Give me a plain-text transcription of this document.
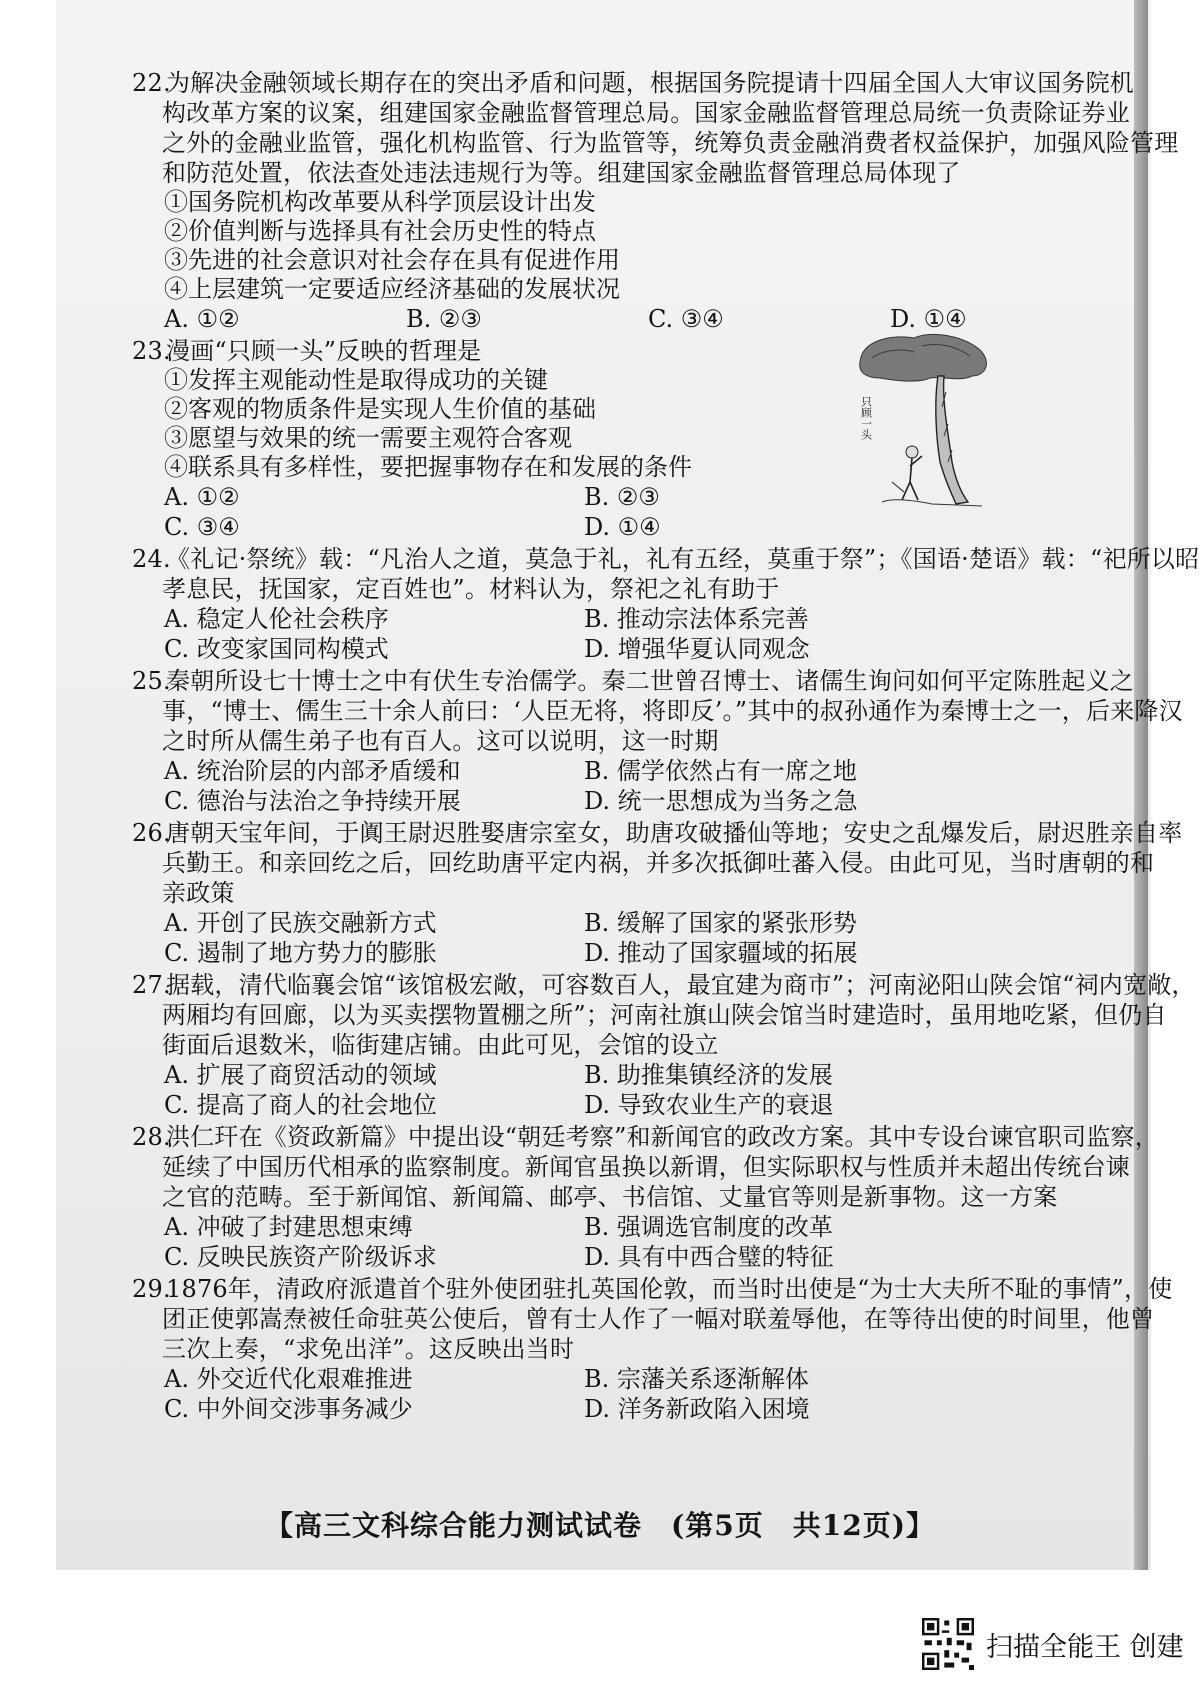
22.为解决金融领域长期存在的突出矛盾和问题，根据国务院提请十四届全国人大审议国务院机
构改革方案的议案，组建国家金融监督管理总局。国家金融监督管理总局统一负责除证券业
之外的金融业监管，强化机构监管、行为监管等，统筹负责金融消费者权益保护，加强风险管理
和防范处置，依法查处违法违规行为等。组建国家金融监督管理总局体现了
①国务院机构改革要从科学顶层设计出发
②价值判断与选择具有社会历史性的特点
③先进的社会意识对社会存在具有促进作用
④上层建筑一定要适应经济基础的发展状况
A. ①②	B. ②③	C. ③④	D. ①④
23.漫画“只顾一头”反映的哲理是
①发挥主观能动性是取得成功的关键
②客观的物质条件是实现人生价值的基础
③愿望与效果的统一需要主观符合客观
④联系具有多样性，要把握事物存在和发展的条件
A. ①②	B. ②③
C. ③④	D. ①④
只顾一头
24.《礼记·祭统》载：“凡治人之道，莫急于礼，礼有五经，莫重于祭”；《国语·楚语》载：“祀所以昭
孝息民，抚国家，定百姓也”。材料认为，祭祀之礼有助于
A. 稳定人伦社会秩序	B. 推动宗法体系完善
C. 改变家国同构模式	D. 增强华夏认同观念
25.秦朝所设七十博士之中有伏生专治儒学。秦二世曾召博士、诸儒生询问如何平定陈胜起义之
事，“博士、儒生三十余人前曰：‘人臣无将，将即反’。”其中的叔孙通作为秦博士之一，后来降汉
之时所从儒生弟子也有百人。这可以说明，这一时期
A. 统治阶层的内部矛盾缓和	B. 儒学依然占有一席之地
C. 德治与法治之争持续开展	D. 统一思想成为当务之急
26.唐朝天宝年间，于阗王尉迟胜娶唐宗室女，助唐攻破播仙等地；安史之乱爆发后，尉迟胜亲自率
兵勤王。和亲回纥之后，回纥助唐平定内祸，并多次抵御吐蕃入侵。由此可见，当时唐朝的和
亲政策
A. 开创了民族交融新方式	B. 缓解了国家的紧张形势
C. 遏制了地方势力的膨胀	D. 推动了国家疆域的拓展
27.据载，清代临襄会馆“该馆极宏敞，可容数百人，最宜建为商市”；河南泌阳山陕会馆“祠内宽敞，
两厢均有回廊，以为买卖摆物置棚之所”；河南社旗山陕会馆当时建造时，虽用地吃紧，但仍自
街面后退数米，临街建店铺。由此可见，会馆的设立
A. 扩展了商贸活动的领域	B. 助推集镇经济的发展
C. 提高了商人的社会地位	D. 导致农业生产的衰退
28.洪仁玕在《资政新篇》中提出设“朝廷考察”和新闻官的政改方案。其中专设台谏官职司监察，
延续了中国历代相承的监察制度。新闻官虽换以新谓，但实际职权与性质并未超出传统台谏
之官的范畴。至于新闻馆、新闻篇、邮亭、书信馆、丈量官等则是新事物。这一方案
A. 冲破了封建思想束缚	B. 强调选官制度的改革
C. 反映民族资产阶级诉求	D. 具有中西合璧的特征
29.1876年，清政府派遣首个驻外使团驻扎英国伦敦，而当时出使是“为士大夫所不耻的事情”，使
团正使郭嵩焘被任命驻英公使后，曾有士人作了一幅对联羞辱他，在等待出使的时间里，他曾
三次上奏，“求免出洋”。这反映出当时
A. 外交近代化艰难推进	B. 宗藩关系逐渐解体
C. 中外间交涉事务减少	D. 洋务新政陷入困境
【高三文科综合能力测试试卷　(第5页　共12页)】
扫描全能王 创建
